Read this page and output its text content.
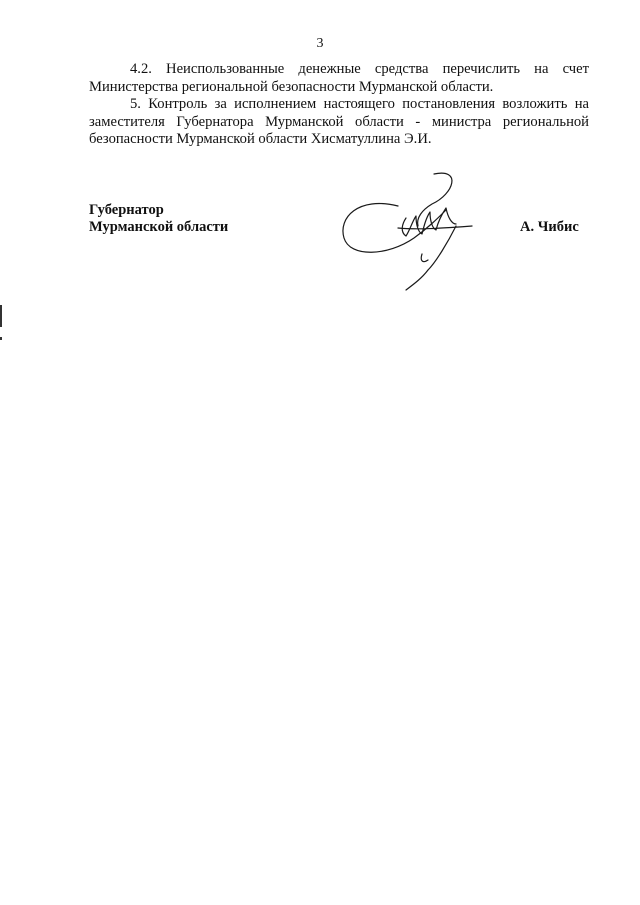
3

4.2. Неиспользованные денежные средства перечислить на счет Министерства региональной безопасности Мурманской области.

5. Контроль за исполнением настоящего постановления возложить на заместителя Губернатора Мурманской области - министра региональной безопасности Мурманской области Хисматуллина Э.И.

Губернатор
Мурманской области	А. Чибис
